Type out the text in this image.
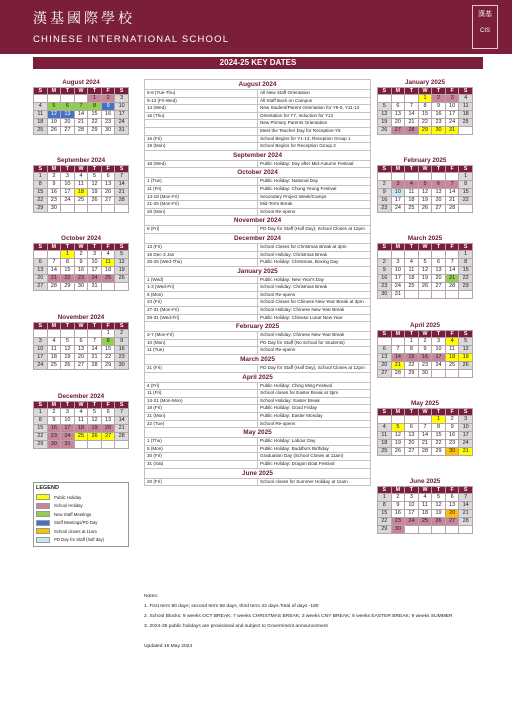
漢基國際學校
CHINESE INTERNATIONAL SCHOOL
漢基
CIS
2024-25 KEY DATES
August 2024	
6-8 (Tue-Thu)	All New Staff Orientation
9-13 (Fri-Wed)	All Staff Back on Campus
14 (Wed)	New Student/Parent Orientation for Y8-9, Y11-12
15 (Thu)	Orientation for Y7, Induction for Y12
	New Primary Parents Orientation
	Meet the Teacher Day for Reception-Y6
16 (Fri)	School Begins for Y1-13, Reception Group 1
19 (Mon)	School Begins for Reception Group 2
September 2024	
18 (Wed)	Public Holiday: Day after Mid-Autumn Festival
October 2024	
1 (Tue)	Public Holiday: National Day
11 (Fri)	Public Holiday: Chung Yeung Festival
14-18 (Mon-Fri)	Secondary Project Week/Camps
21-25 (Mon-Fri)	Mid-Term Break
28 (Mon)	School Re-opens
November 2024	
8 (Fri)	PD Day for Staff (Half Day); School Closes at 12pm
December 2024	
13 (Fri)	School Closes for Christmas Break at 3pm
16 Dec-3 Jan	School Holiday: Christmas Break
25-26 (Wed-Thu)	Public Holiday: Christmas, Boxing Day
January 2025	
1 (Wed)	Public Holiday: New Year's Day
1-3 (Wed-Fri)	School Holiday: Christmas Break
6 (Mon)	School Re-opens
24 (Fri)	School Closes for Chinese New Year Break at 3pm
27-31 (Mon-Fri)	School Holiday: Chinese New Year Break
29-31 (Wed-Fri)	Public Holiday: Chinese Lunar New Year
February 2025	
3-7 (Mon-Fri)	School Holiday: Chinese New Year Break
10 (Mon)	PD Day for Staff (No School for Students)
11 (Tue)	School Re-opens
March 2025	
21 (Fri)	PD Day for Staff (Half Day); School Closes at 12pm
April 2025	
4 (Fri)	Public Holiday: Ching Ming Festival
11 (Fri)	School closes for Easter Break at 3pm
14-21 (Mon-Mon)	School Holiday: Easter Break
18 (Fri)	Public Holiday: Good Friday
21 (Mon)	Public Holiday: Easter Monday
22 (Tue)	School Re-opens
May 2025	
1 (Thu)	Public Holiday: Labour Day
5 (Mon)	Public Holiday: Buddha's Birthday
30 (Fri)	Graduation Day (School Closes at 11am)
31 (Sat)	Public Holiday: Dragon Boat Festival
June 2025	
20 (Fri)	School closes for Summer Holiday at 11am
LEGEND
Public Holiday
School Holiday
New Staff Meetings
Staff Meetings/PD Day
School closes at 11am
PD Day for Staff (half day)
Notes:
1. First term 80 days; second term 58 days, third term 42 days.Total of days -180
2. School Blocks: 9 weeks OCT BREAK; 7 weeks CHRISTMAS BREAK; 3 weeks CNY BREAK; 9 weeks EASTER BREAK; 9 weeks SUMMER
3. 2024-25 public holidays are provisional and subject to Government announcement
Updated 16 May 2024
August 2024
S	M	T	W	T	F	S
				1	2	3
4	5	6	7	8	9	10
11	12	13	14	15	16	17
18	19	20	21	22	23	24
25	26	27	28	29	30	31
September 2024
S	M	T	W	T	F	S
1	2	3	4	5	6	7
8	9	10	11	12	13	14
15	16	17	18	19	20	21
22	23	24	25	26	27	28
29	30					
October 2024
S	M	T	W	T	F	S
		1	2	3	4	5
6	7	8	9	10	11	12
13	14	15	16	17	18	19
20	21	22	23	24	25	26
27	28	29	30	31		
November 2024
S	M	T	W	T	F	S
					1	2
3	4	5	6	7	8	9
10	11	12	13	14	15	16
17	18	19	20	21	22	23
24	25	26	27	28	29	30
December 2024
S	M	T	W	T	F	S
1	2	3	4	5	6	7
8	9	10	11	12	13	14
15	16	17	18	19	20	21
22	23	24	25	26	27	28
29	30	31				
January 2025
S	M	T	W	T	F	S
			1	2	3	4
5	6	7	8	9	10	11
12	13	14	15	16	17	18
19	20	21	22	23	24	25
26	27	28	29	30	31	
February 2025
S	M	T	W	T	F	S
						1
2	3	4	5	6	7	8
9	10	11	12	13	14	15
16	17	18	19	20	21	22
23	24	25	26	27	28	
March 2025
S	M	T	W	T	F	S
						1
2	3	4	5	6	7	8
9	10	11	12	13	14	15
16	17	18	19	20	21	22
23	24	25	26	27	28	29
30	31					
April 2025
S	M	T	W	T	F	S
		1	2	3	4	5
6	7	8	9	10	11	12
13	14	15	16	17	18	19
20	21	22	23	24	25	26
27	28	29	30			
May 2025
S	M	T	W	T	F	S
				1	2	3
4	5	6	7	8	9	10
11	12	13	14	15	16	17
18	19	20	21	22	23	24
25	26	27	28	29	30	31
June 2025
S	M	T	W	T	F	S
1	2	3	4	5	6	7
8	9	10	11	12	13	14
15	16	17	18	19	20	21
22	23	24	25	26	27	28
29	30					
